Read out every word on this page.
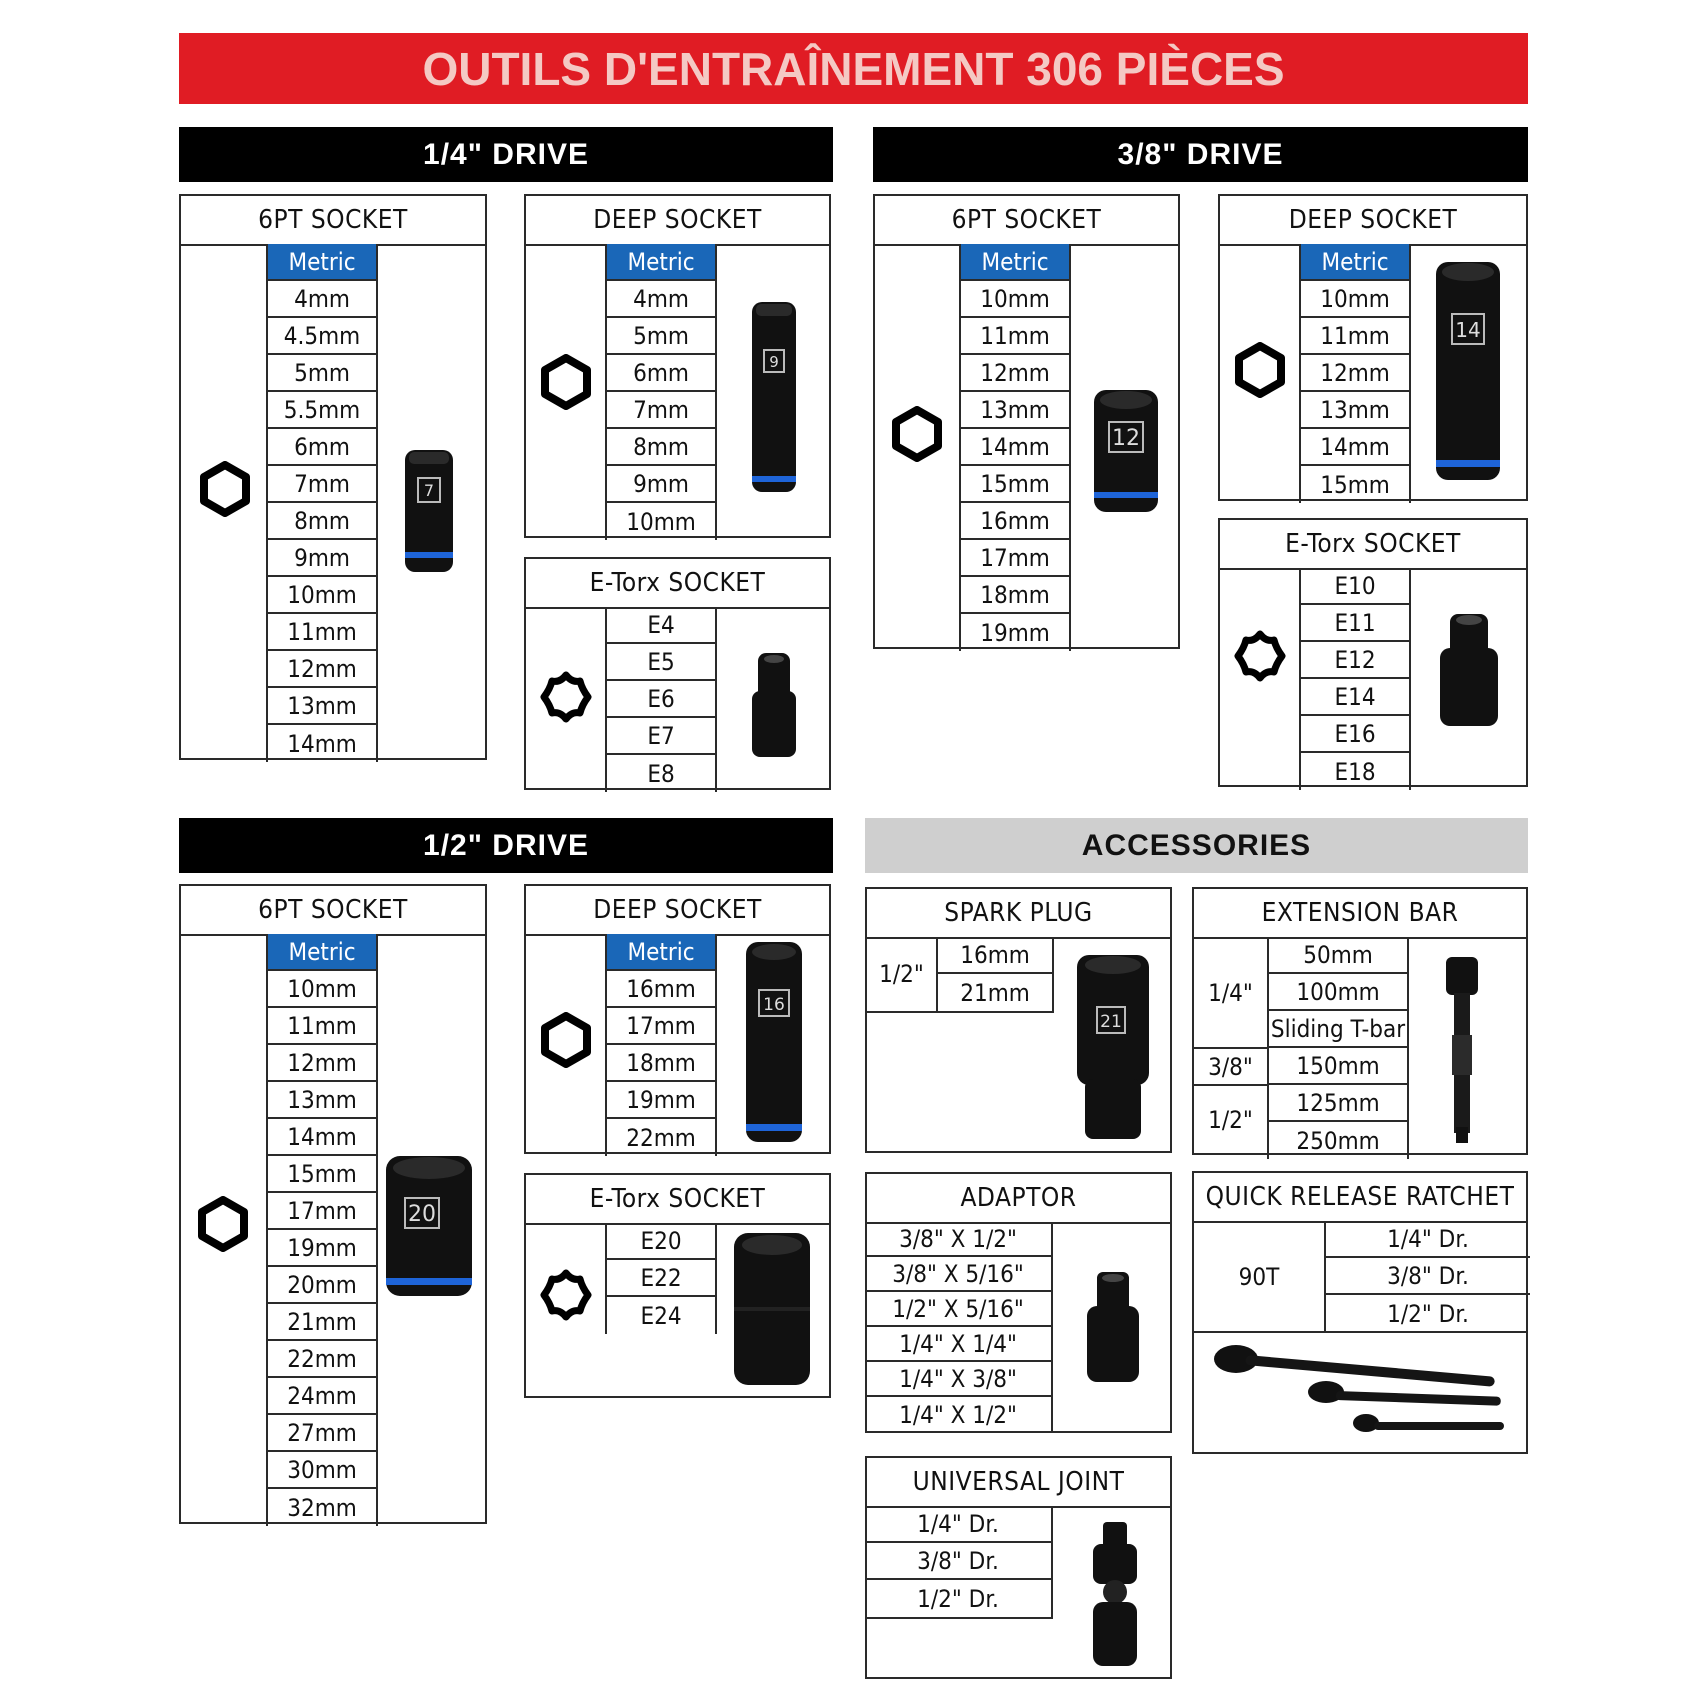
OUTILS D'ENTRAÎNEMENT 306 PIÈCES
1/4" DRIVE	3/8" DRIVE
1/2" DRIVE	ACCESSORIES
6PT SOCKET
Metric
4mm
4.5mm
5mm
5.5mm
6mm
7mm
8mm
9mm
10mm
11mm
12mm
13mm
14mm
7
DEEP SOCKET
Metric
4mm
5mm
6mm
7mm
8mm
9mm
10mm
9
E-Torx SOCKET
E4
E5
E6
E7
E8
6PT SOCKET
Metric
10mm
11mm
12mm
13mm
14mm
15mm
16mm
17mm
18mm
19mm
12
DEEP SOCKET
Metric
10mm
11mm
12mm
13mm
14mm
15mm
14
E-Torx SOCKET
E10
E11
E12
E14
E16
E18
6PT SOCKET
Metric
10mm
11mm
12mm
13mm
14mm
15mm
17mm
19mm
20mm
21mm
22mm
24mm
27mm
30mm
32mm
20
DEEP SOCKET
Metric
16mm
17mm
18mm
19mm
22mm
16
E-Torx SOCKET
E20
E22
E24
SPARK PLUG
1/2"
16mm
21mm
21
EXTENSION BAR
1/4"
3/8"
1/2"
50mm
100mm
Sliding T-bar
150mm
125mm
250mm
ADAPTOR
3/8" X 1/2"
3/8" X 5/16"
1/2" X 5/16"
1/4" X 1/4"
1/4" X 3/8"
1/4" X 1/2"
QUICK RELEASE RATCHET
90T
1/4" Dr.
3/8" Dr.
1/2" Dr.
UNIVERSAL JOINT
1/4" Dr.
3/8" Dr.
1/2" Dr.
